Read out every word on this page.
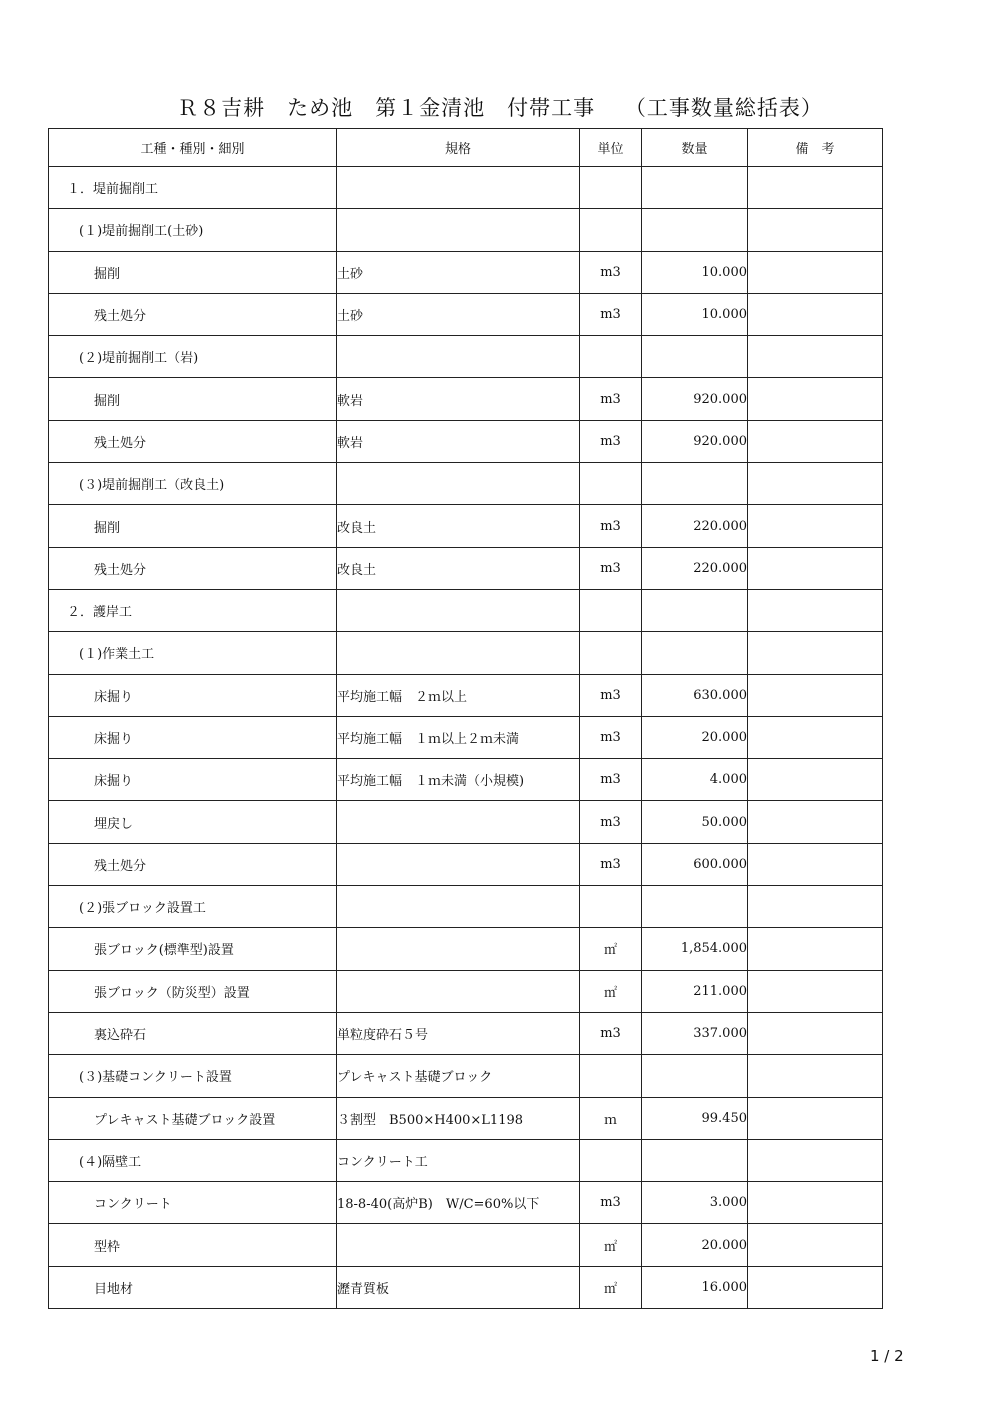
Ｒ８吉耕　ため池　第１金清池　付帯工事　 （工事数量総括表）
工種・種別・細別	規格	単位	数量	備　考
１．堤前掘削工				
(１)堤前掘削工(土砂)				
掘削	土砂	m3	10.000	
残土処分	土砂	m3	10.000	
(２)堤前掘削工（岩)				
掘削	軟岩	m3	920.000	
残土処分	軟岩	m3	920.000	
(３)堤前掘削工（改良土)				
掘削	改良土	m3	220.000	
残土処分	改良土	m3	220.000	
２．護岸工				
(１)作業土工				
床掘り	平均施工幅　２ｍ以上	m3	630.000	
床掘り	平均施工幅　１ｍ以上２ｍ未満	m3	20.000	
床掘り	平均施工幅　１ｍ未満（小規模)	m3	4.000	
埋戻し		m3	50.000	
残土処分		m3	600.000	
(２)張ブロック設置工				
張ブロック(標準型)設置		㎡	1,854.000	
張ブロック（防災型）設置		㎡	211.000	
裏込砕石	単粒度砕石５号	m3	337.000	
(３)基礎コンクリート設置	プレキャスト基礎ブロック			
プレキャスト基礎ブロック設置	３割型　B500×H400×L1198	ｍ	99.450	
(４)隔壁工	コンクリート工			
コンクリート	18-8-40(高炉B)　W/C=60%以下	m3	3.000	
型枠		㎡	20.000	
目地材	瀝青質板	㎡	16.000	
1 / 2
